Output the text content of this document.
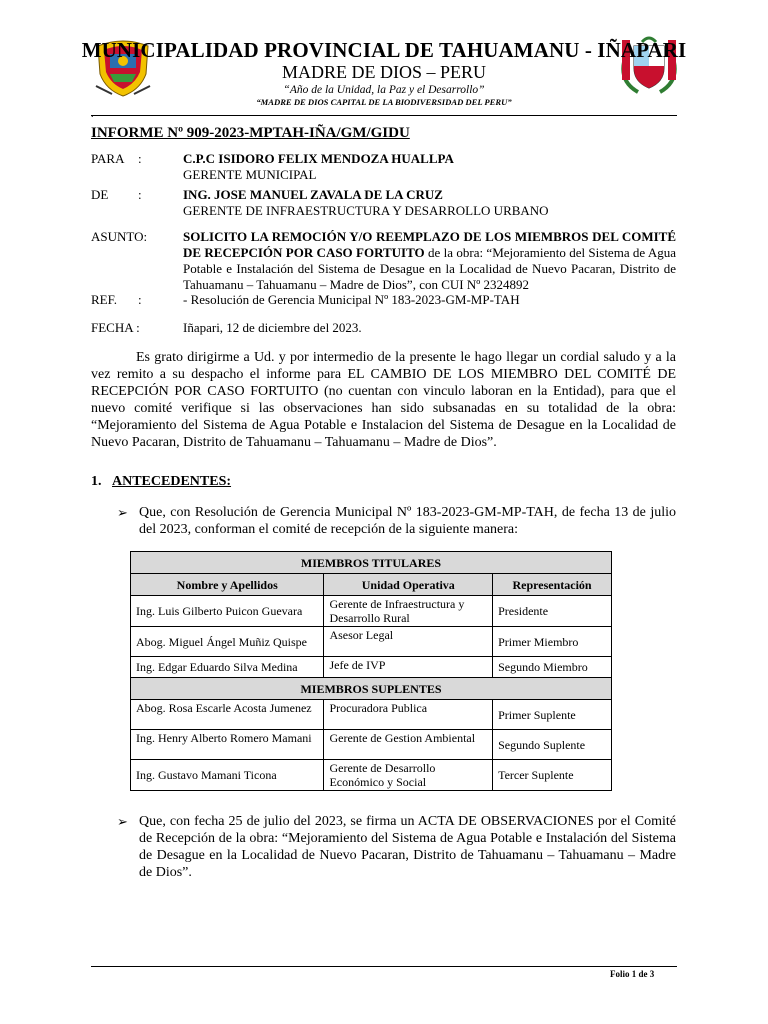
MUNICIPALIDAD PROVINCIAL DE TAHUAMANU - IÑAPARI
MADRE DE DIOS – PERU
“Año de la Unidad, la Paz y el Desarrollo”
“MADRE DE DIOS CAPITAL DE LA BIODIVERSIDAD DEL PERU”
.
INFORME Nº 909-2023-MPTAH-IÑA/GM/GIDU
PARA :	C.P.C ISIDORO FELIX MENDOZA HUALLPA
GERENTE MUNICIPAL
DE :	ING. JOSE MANUEL ZAVALA DE LA CRUZ
GERENTE DE INFRAESTRUCTURA Y DESARROLLO URBANO
ASUNTO:	SOLICITO LA REMOCIÓN Y/O REEMPLAZO DE LOS MIEMBROS DEL COMITÉ DE RECEPCIÓN POR CASO FORTUITO de la obra: “Mejoramiento del Sistema de Agua Potable e Instalación del Sistema de Desague en la Localidad de Nuevo Pacaran, Distrito de Tahuamanu – Tahuamanu – Madre de Dios”, con CUI Nº 2324892
REF. :	- Resolución de Gerencia Municipal Nº 183-2023-GM-MP-TAH
FECHA :	Iñapari, 12 de diciembre del 2023.
Es grato dirigirme a Ud. y por intermedio de la presente le hago llegar un cordial saludo y a la vez remito a su despacho el informe para EL CAMBIO DE LOS MIEMBRO DEL COMITÉ DE RECEPCIÓN POR CASO FORTUITO (no cuentan con vinculo laboran en la Entidad), para que el nuevo comité verifique si las observaciones han sido subsanadas en su totalidad de la obra: “Mejoramiento del Sistema de Agua Potable e Instalacion del Sistema de Desague en la Localidad de Nuevo Pacaran, Distrito de Tahuamanu – Tahuamanu – Madre de Dios”.
1. ANTECEDENTES:
➢ Que, con Resolución de Gerencia Municipal Nº 183-2023-GM-MP-TAH, de fecha 13 de julio del 2023, conforman el comité de recepción de la siguiente manera:
MIEMBROS TITULARES		
Nombre y Apellidos	Unidad Operativa	Representación
Ing. Luis Gilberto Puicon Guevara	Gerente de Infraestructura y Desarrollo Rural	Presidente
Abog. Miguel Ángel Muñiz Quispe	Asesor Legal	Primer Miembro
Ing. Edgar Eduardo Silva Medina	Jefe de IVP	Segundo Miembro
MIEMBROS SUPLENTES		
Abog. Rosa Escarle Acosta Jumenez	Procuradora Publica	Primer Suplente
Ing. Henry Alberto Romero Mamani	Gerente de Gestion Ambiental	Segundo Suplente
Ing. Gustavo Mamani Ticona	Gerente de Desarrollo Económico y Social	Tercer Suplente
➢ Que, con fecha 25 de julio del 2023, se firma un ACTA DE OBSERVACIONES por el Comité de Recepción de la obra: “Mejoramiento del Sistema de Agua Potable e Instalación del Sistema de Desague en la Localidad de Nuevo Pacaran, Distrito de Tahuamanu – Tahuamanu – Madre de Dios”.
Folio 1 de 3
